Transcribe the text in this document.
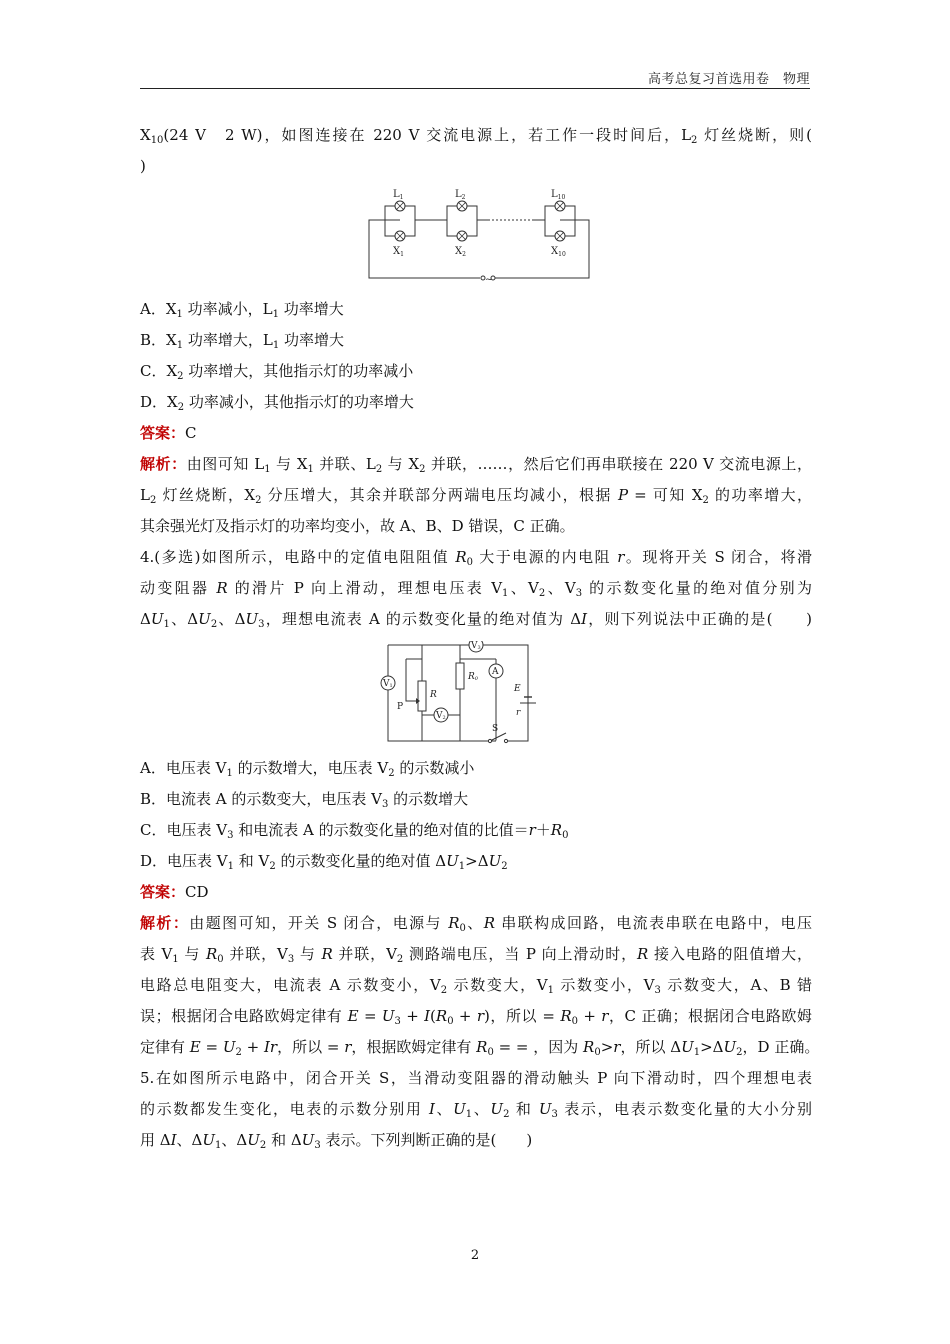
高考总复习首选用卷　物理
$X_{10}(24$ V　2 W)，如图连接在 220 V 交流电源上，若工作一段时间后，$L_2$ 灯丝烧断，则(
)
$L_1$	$L_2$	$L_{10}$
$X_1$	$X_2$	$X_{10}$
~
A．$X_1$ 功率减小，$L_1$ 功率增大
B．$X_1$ 功率增大，$L_1$ 功率增大
C．$X_2$ 功率增大，其他指示灯的功率减小
D．$X_2$ 功率减小，其他指示灯的功率增大
答案：C
解析：由图可知 $L_1$ 与 $X_1$ 并联、$L_2$ 与 $X_2$ 并联，……，然后它们再串联接在 220 V 交流电源上，
$L_2$ 灯丝烧断，$X_2$ 分压增大，其余并联部分两端电压均减小，根据 P = 可知 $X_2$ 的功率增大，
其余强光灯及指示灯的功率均变小，故 A、B、D 错误，C 正确。
4.(多选)如图所示，电路中的定值电阻阻值 $R_0$ 大于电源的内电阻 r。现将开关 S 闭合，将滑
动变阻器 R 的滑片 P 向上滑动，理想电压表 $V_1$、$V_2$、$V_3$ 的示数变化量的绝对值分别为
$\Delta U_1$、$\Delta U_2$、$\Delta U_3$，理想电流表 A 的示数变化量的绝对值为 ΔI，则下列说法中正确的是(　　)
V1
V3
V2
A
R0
R
P
E
r
S
A．电压表 $V_1$ 的示数增大，电压表 $V_2$ 的示数减小
B．电流表 A 的示数变大，电压表 $V_3$ 的示数增大
C．电压表 $V_3$ 和电流表 A 的示数变化量的绝对值的比值$=r+R_0$
D．电压表 $V_1$ 和 $V_2$ 的示数变化量的绝对值 $\Delta U_1>\Delta U_2$
答案：CD
解析：由题图可知，开关 S 闭合，电源与 $R_0$、R 串联构成回路，电流表串联在电路中，电压
表 $V_1$ 与 $R_0$ 并联，$V_3$ 与 R 并联，$V_2$ 测路端电压，当 P 向上滑动时，R 接入电路的阻值增大，
电路总电阻变大，电流表 A 示数变小，$V_2$ 示数变大，$V_1$ 示数变小，$V_3$ 示数变大，A、B 错
误；根据闭合电路欧姆定律有 $E = U_3 + I(R_0 + r)$，所以 = $R_0 + r$，C 正确；根据闭合电路欧姆
定律有 $E = U_2 + Ir$，所以 = r，根据欧姆定律有 $R_0$ = = ，因为 $R_0>r$，所以 $\Delta U_1>\Delta U_2$，D 正确。
5.在如图所示电路中，闭合开关 S，当滑动变阻器的滑动触头 P 向下滑动时，四个理想电表
的示数都发生变化，电表的示数分别用 I、$U_1$、$U_2$ 和 $U_3$ 表示，电表示数变化量的大小分别
用 ΔI、$\Delta U_1$、$\Delta U_2$ 和 $\Delta U_3$ 表示。下列判断正确的是(　　)
2
